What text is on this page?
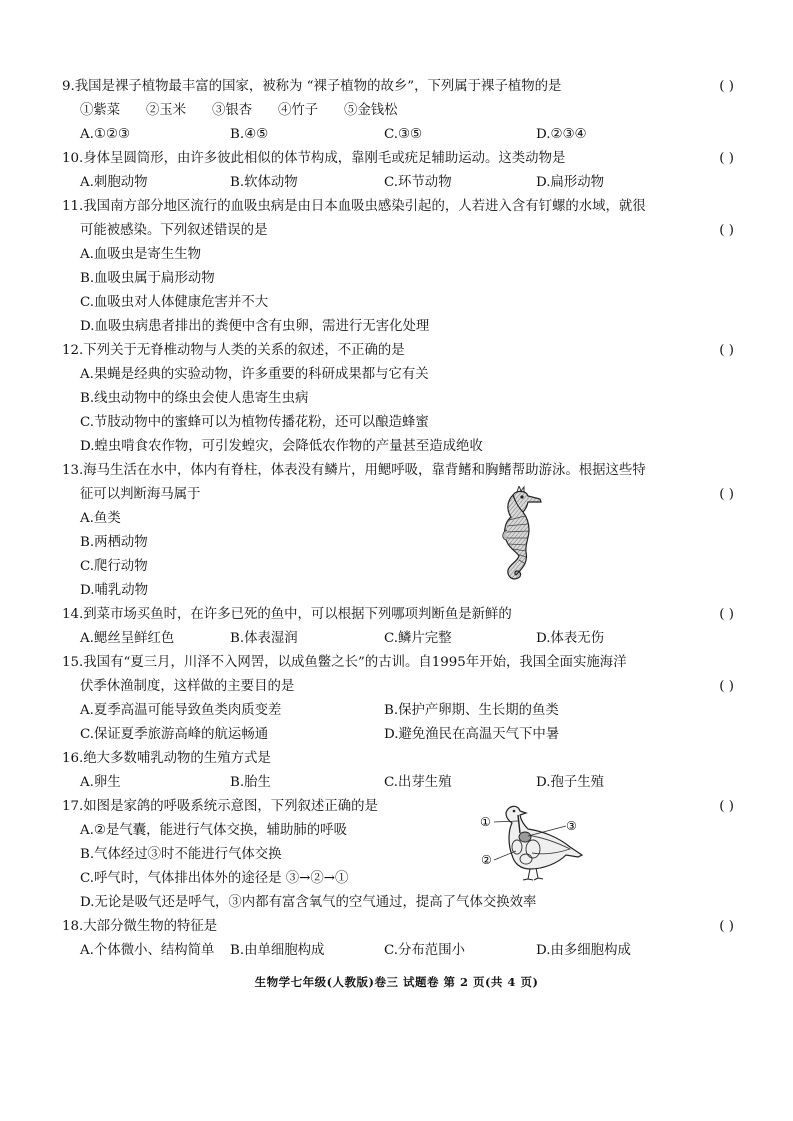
9.我国是裸子植物最丰富的国家，被称为 “裸子植物的故乡”，下列属于裸子植物的是	( )
①紫菜 ②玉米 ③银杏 ④竹子 ⑤金钱松
A.①②③	B.④⑤	C.③⑤	D.②③④
10.身体呈圆筒形，由许多彼此相似的体节构成，靠刚毛或疣足辅助运动。这类动物是	( )
A.刺胞动物	B.软体动物	C.环节动物	D.扁形动物
11.我国南方部分地区流行的血吸虫病是由日本血吸虫感染引起的，人若进入含有钉螺的水域，就很
可能被感染。下列叙述错误的是	( )
A.血吸虫是寄生生物
B.血吸虫属于扁形动物
C.血吸虫对人体健康危害并不大
D.血吸虫病患者排出的粪便中含有虫卵，需进行无害化处理
12.下列关于无脊椎动物与人类的关系的叙述，不正确的是	( )
A.果蝇是经典的实验动物，许多重要的科研成果都与它有关
B.线虫动物中的绦虫会使人患寄生虫病
C.节肢动物中的蜜蜂可以为植物传播花粉，还可以酿造蜂蜜
D.蝗虫啃食农作物，可引发蝗灾，会降低农作物的产量甚至造成绝收
13.海马生活在水中，体内有脊柱，体表没有鳞片，用鳃呼吸，靠背鳍和胸鳍帮助游泳。根据这些特
征可以判断海马属于	( )
A.鱼类
B.两栖动物
C.爬行动物
D.哺乳动物
14.到菜市场买鱼时，在许多已死的鱼中，可以根据下列哪项判断鱼是新鲜的	( )
A.鳃丝呈鲜红色	B.体表湿润	C.鳞片完整	D.体表无伤
15.我国有“夏三月，川泽不入网罟，以成鱼鳖之长”的古训。自1995年开始，我国全面实施海洋
伏季休渔制度，这样做的主要目的是	( )
A.夏季高温可能导致鱼类肉质变差	B.保护产卵期、生长期的鱼类
C.保证夏季旅游高峰的航运畅通	D.避免渔民在高温天气下中暑
16.绝大多数哺乳动物的生殖方式是
A.卵生	B.胎生	C.出芽生殖	D.孢子生殖
17.如图是家鸽的呼吸系统示意图，下列叙述正确的是	( )
A.②是气囊，能进行气体交换，辅助肺的呼吸
B.气体经过③时不能进行气体交换
C.呼气时，气体排出体外的途径是 ③→②→①
D.无论是吸气还是呼气，③内都有富含氧气的空气通过，提高了气体交换效率
①
②
③
18.大部分微生物的特征是	( )
A.个体微小、结构简单 B.由单细胞构成	C.分布范围小	D.由多细胞构成
生物学七年级(人教版)卷三 试题卷 第 2 页(共 4 页)
